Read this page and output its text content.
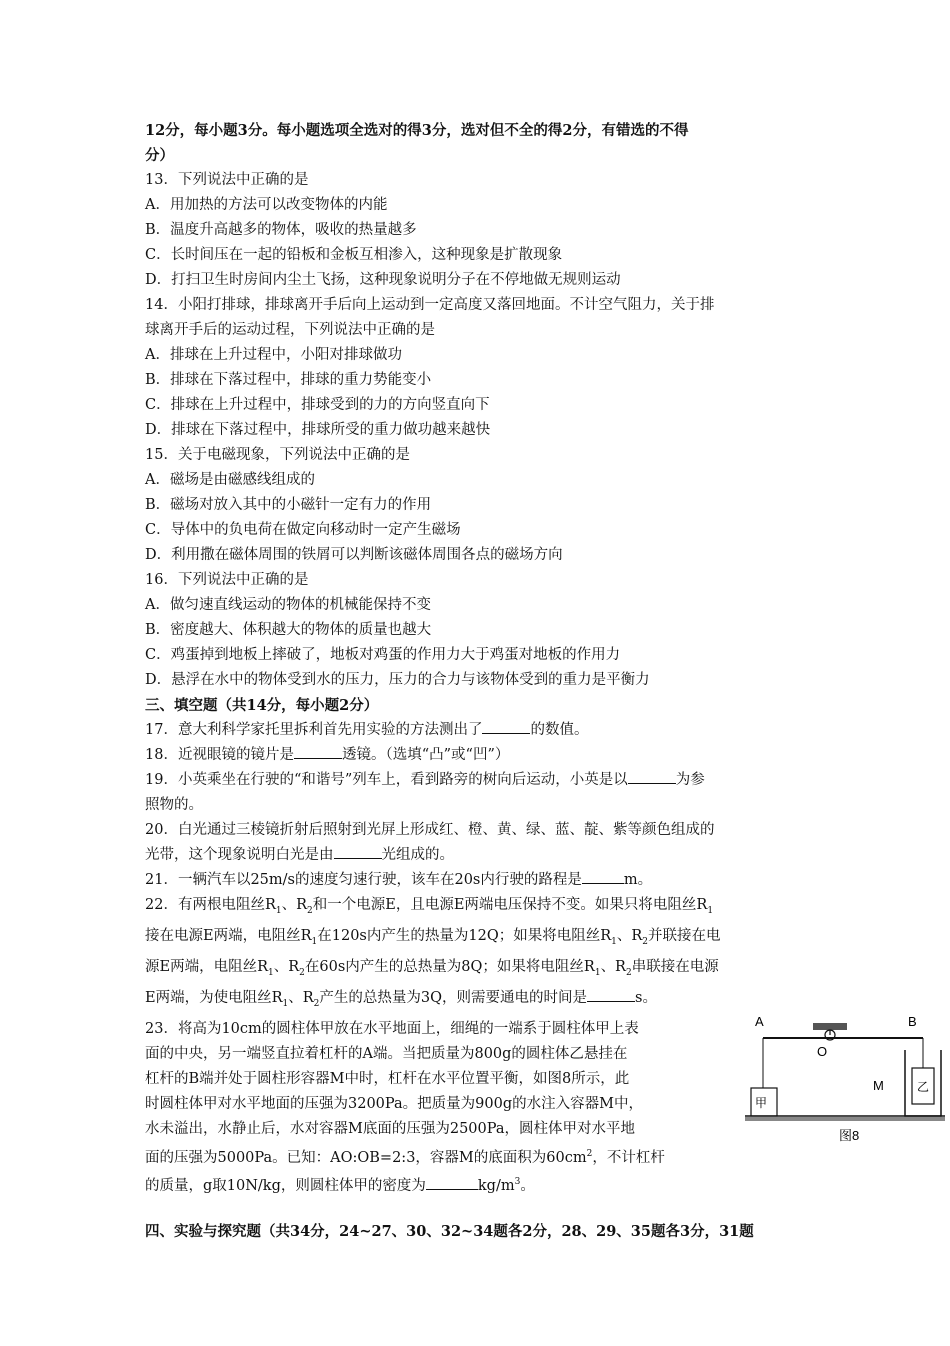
12分，每小题3分。每小题选项全选对的得3分，选对但不全的得2分，有错选的不得
分）
13．下列说法中正确的是
A．用加热的方法可以改变物体的内能
B．温度升高越多的物体，吸收的热量越多
C．长时间压在一起的铅板和金板互相渗入，这种现象是扩散现象
D．打扫卫生时房间内尘土飞扬，这种现象说明分子在不停地做无规则运动
14．小阳打排球，排球离开手后向上运动到一定高度又落回地面。不计空气阻力，关于排
球离开手后的运动过程，下列说法中正确的是
A．排球在上升过程中，小阳对排球做功
B．排球在下落过程中，排球的重力势能变小
C．排球在上升过程中，排球受到的力的方向竖直向下
D．排球在下落过程中，排球所受的重力做功越来越快
15．关于电磁现象，下列说法中正确的是
A．磁场是由磁感线组成的
B．磁场对放入其中的小磁针一定有力的作用
C．导体中的负电荷在做定向移动时一定产生磁场
D．利用撒在磁体周围的铁屑可以判断该磁体周围各点的磁场方向
16．下列说法中正确的是
A．做匀速直线运动的物体的机械能保持不变
B．密度越大、体积越大的物体的质量也越大
C．鸡蛋掉到地板上摔破了，地板对鸡蛋的作用力大于鸡蛋对地板的作用力
D．悬浮在水中的物体受到水的压力，压力的合力与该物体受到的重力是平衡力
三、填空题（共14分，每小题2分）
17．意大利科学家托里拆利首先用实验的方法测出了	的数值。
18．近视眼镜的镜片是	透镜。（选填“凸”或“凹”）
19．小英乘坐在行驶的“和谐号”列车上，看到路旁的树向后运动，小英是以	为参
照物的。
20．白光通过三棱镜折射后照射到光屏上形成红、橙、黄、绿、蓝、靛、紫等颜色组成的
光带，这个现象说明白光是由	光组成的。
21．一辆汽车以25m/s的速度匀速行驶，该车在20s内行驶的路程是	m。
22．有两根电阻丝$R_1$、$R_2$和一个电源E，且电源E两端电压保持不变。如果只将电阻丝$R_1$
接在电源E两端，电阻丝$R_1$在120s内产生的热量为12Q；如果将电阻丝$R_1$、$R_2$并联接在电
源E两端，电阻丝$R_1$、$R_2$在60s内产生的总热量为8Q；如果将电阻丝$R_1$、$R_2$串联接在电源
E两端，为使电阻丝$R_1$、$R_2$产生的总热量为3Q，则需要通电的时间是	s。
23．将高为10cm的圆柱体甲放在水平地面上，细绳的一端系于圆柱体甲上表
面的中央，另一端竖直拉着杠杆的A端。当把质量为800g的圆柱体乙悬挂在
杠杆的B端并处于圆柱形容器M中时，杠杆在水平位置平衡，如图8所示，此
时圆柱体甲对水平地面的压强为3200Pa。把质量为900g的水注入容器M中，
水未溢出，水静止后，水对容器M底面的压强为2500Pa，圆柱体甲对水平地
面的压强为5000Pa。已知：AO:OB=2:3，容器M的底面积为$60cm^2$，不计杠杆
的质量，g取10N/kg，则圆柱体甲的密度为	$kg/m^3$。
四、实验与探究题（共34分，24~27、30、32~34题各2分，28、29、35题各3分，31题
A	B
O
甲
乙
M
图8
